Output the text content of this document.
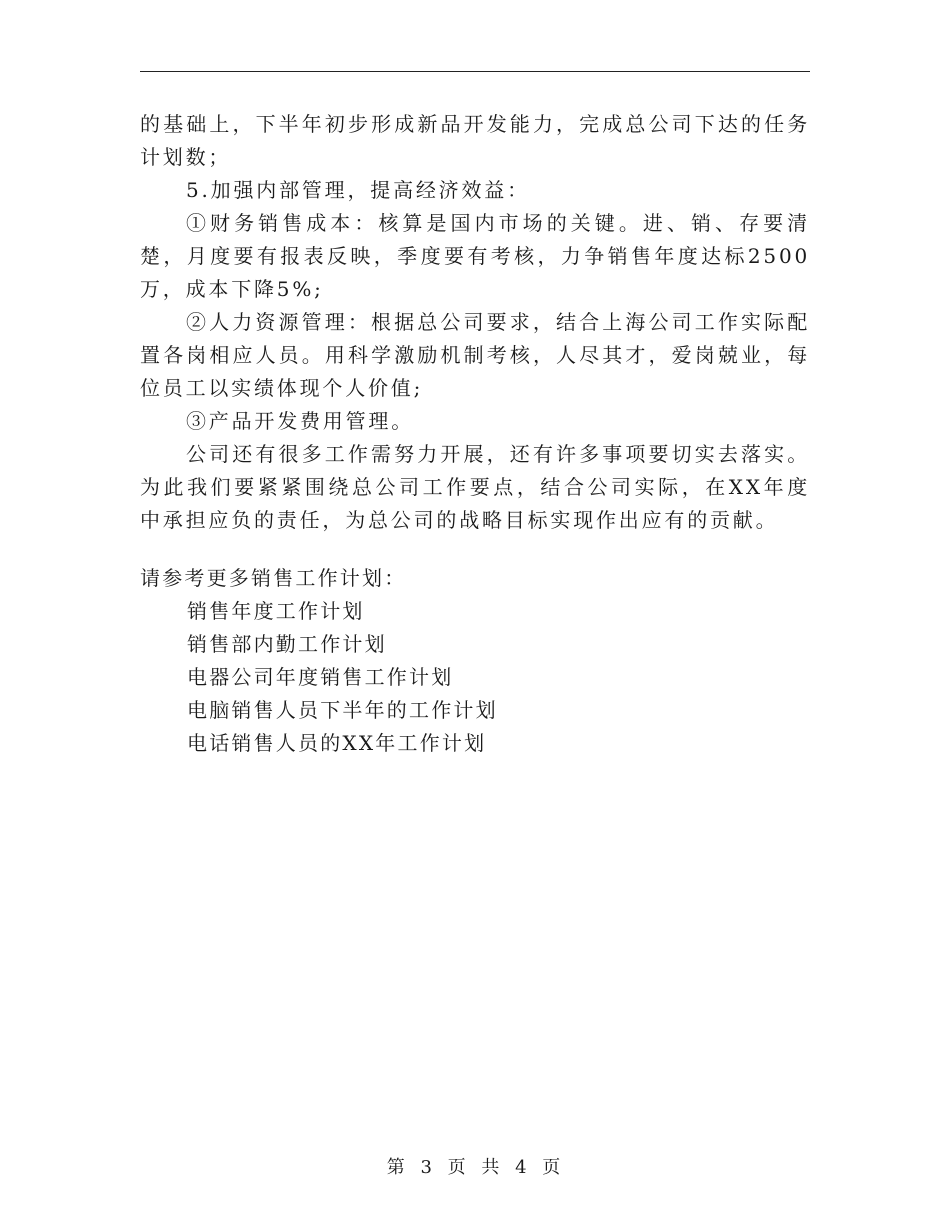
的基础上，下半年初步形成新品开发能力，完成总公司下达的任务计划数；

5.加强内部管理，提高经济效益：

①财务销售成本：核算是国内市场的关键。进、销、存要清楚，月度要有报表反映，季度要有考核，力争销售年度达标2500万，成本下降5%;

②人力资源管理：根据总公司要求，结合上海公司工作实际配置各岗相应人员。用科学激励机制考核，人尽其才，爱岗兢业，每位员工以实绩体现个人价值;

③产品开发费用管理。

公司还有很多工作需努力开展，还有许多事项要切实去落实。为此我们要紧紧围绕总公司工作要点，结合公司实际，在XX年度中承担应负的责任，为总公司的战略目标实现作出应有的贡献。

请参考更多销售工作计划：

销售年度工作计划
销售部内勤工作计划
电器公司年度销售工作计划
电脑销售人员下半年的工作计划
电话销售人员的XX年工作计划
第 3 页 共 4 页
